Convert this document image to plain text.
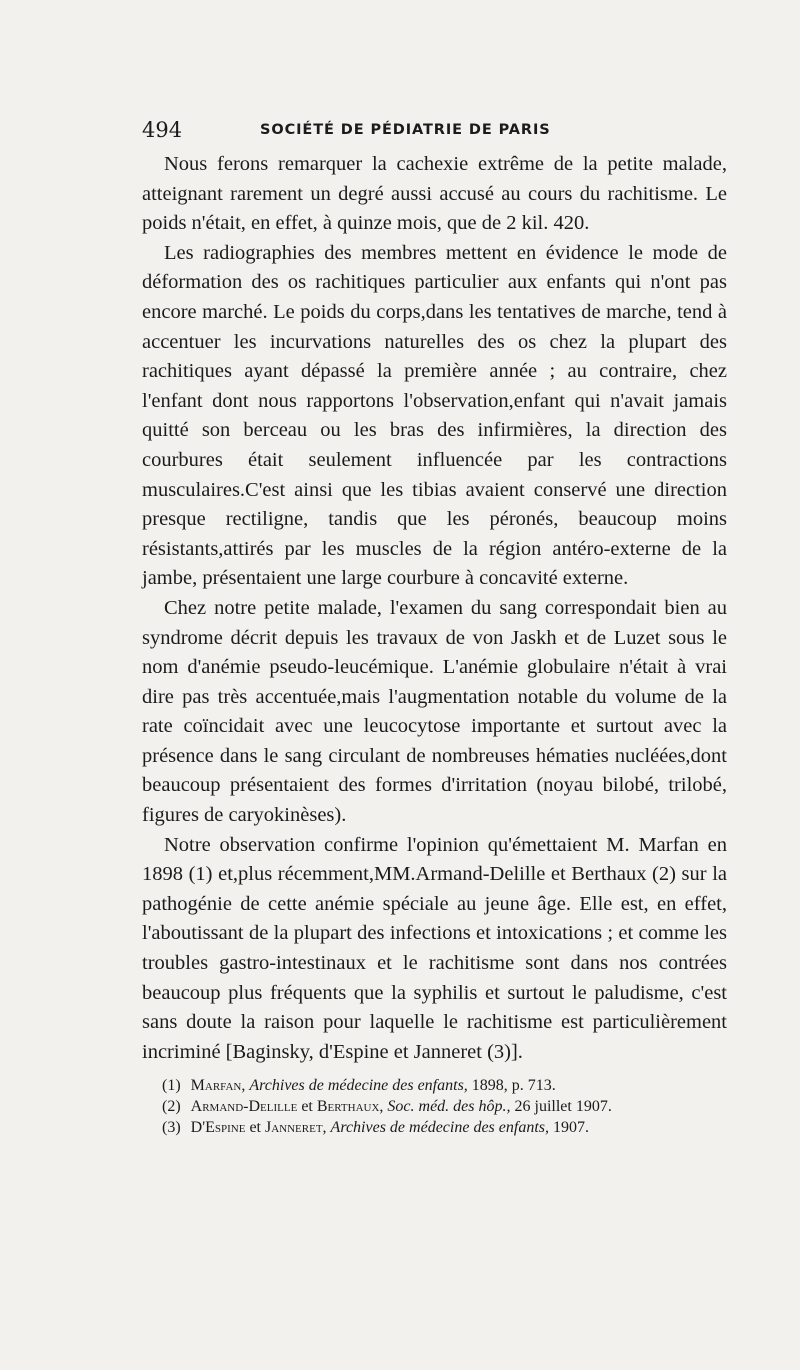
494	SOCIÉTÉ DE PÉDIATRIE DE PARIS

Nous ferons remarquer la cachexie extrême de la petite malade, atteignant rarement un degré aussi accusé au cours du rachitisme. Le poids n'était, en effet, à quinze mois, que de 2 kil. 420.

Les radiographies des membres mettent en évidence le mode de déformation des os rachitiques particulier aux enfants qui n'ont pas encore marché. Le poids du corps,dans les tentatives de marche, tend à accentuer les incurvations naturelles des os chez la plupart des rachitiques ayant dépassé la première année ; au contraire, chez l'enfant dont nous rapportons l'observation,enfant qui n'avait jamais quitté son berceau ou les bras des infirmières, la direction des courbures était seulement influencée par les contractions musculaires.C'est ainsi que les tibias avaient conservé une direction presque rectiligne, tandis que les péronés, beaucoup moins résistants,attirés par les muscles de la région antéro-externe de la jambe, présentaient une large courbure à concavité externe.

Chez notre petite malade, l'examen du sang correspondait bien au syndrome décrit depuis les travaux de von Jaskh et de Luzet sous le nom d'anémie pseudo-leucémique. L'anémie globulaire n'était à vrai dire pas très accentuée,mais l'augmentation notable du volume de la rate coïncidait avec une leucocytose importante et surtout avec la présence dans le sang circulant de nombreuses hématies nucléées,dont beaucoup présentaient des formes d'irritation (noyau bilobé, trilobé, figures de caryokinèses).

Notre observation confirme l'opinion qu'émettaient M. Marfan en 1898 (1) et,plus récemment,MM.Armand-Delille et Berthaux (2) sur la pathogénie de cette anémie spéciale au jeune âge. Elle est, en effet, l'aboutissant de la plupart des infections et intoxications ; et comme les troubles gastro-intestinaux et le rachitisme sont dans nos contrées beaucoup plus fréquents que la syphilis et surtout le paludisme, c'est sans doute la raison pour laquelle le rachitisme est particulièrement incriminé [Baginsky, d'Espine et Janneret (3)].

(1) Marfan, Archives de médecine des enfants, 1898, p. 713.
(2) Armand-Delille et Berthaux, Soc. méd. des hôp., 26 juillet 1907.
(3) D'Espine et Janneret, Archives de médecine des enfants, 1907.
